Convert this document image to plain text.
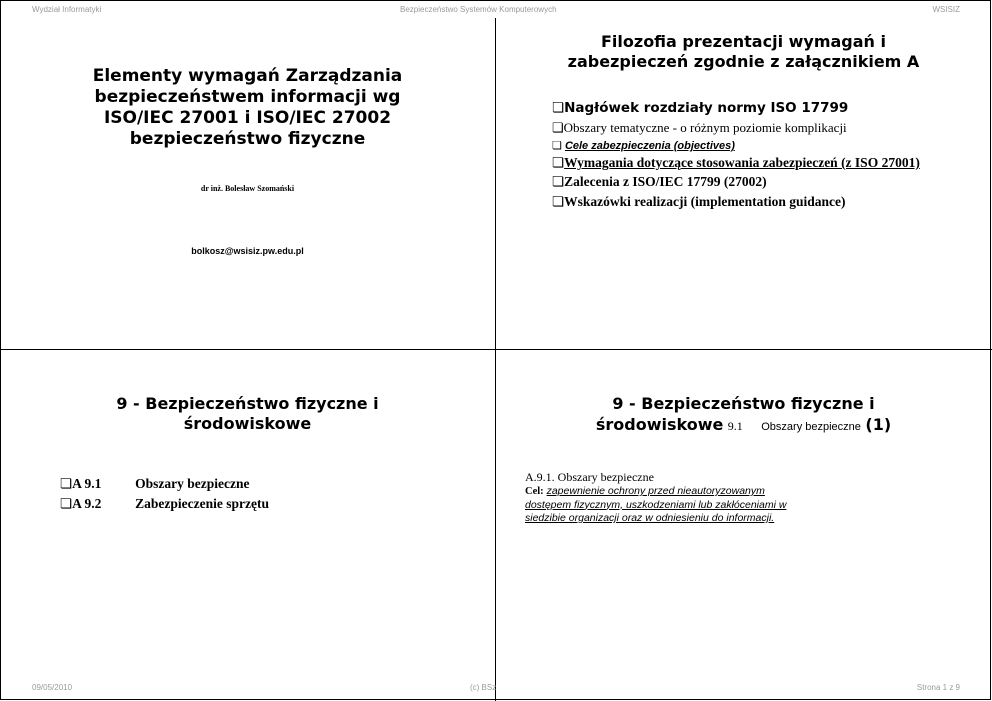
Wydział Informatyki	Bezpieczeństwo Systemów Komputerowych	WSISIZ
09/05/2010	(c) BSz	Strona 1 z 9
Elementy wymagań Zarządzania bezpieczeństwem informacji wg ISO/IEC 27001 i ISO/IEC 27002 bezpieczeństwo fizyczne
dr inż. Bolesław Szomański
bolkosz@wsisiz.pw.edu.pl
Filozofia prezentacji wymagań i zabezpieczeń zgodnie z załącznikiem A
❏ Nagłówek rozdziały normy ISO 17799
❏ Obszary tematyczne - o różnym poziomie komplikacji
❏ Cele zabezpieczenia (objectives)
❏ Wymagania dotyczące stosowania zabezpieczeń (z ISO 27001)
❏ Zalecenia z ISO/IEC 17799 (27002)
❏ Wskazówki realizacji (implementation guidance)
9 - Bezpieczeństwo fizyczne i środowiskowe
❏ A 9.1 Obszary bezpieczne
❏ A 9.2 Zabezpieczenie sprzętu
9 - Bezpieczeństwo fizyczne i środowiskowe 9.1 Obszary bezpieczne (1)
A.9.1. Obszary bezpieczne
Cel: zapewnienie ochrony przed nieautoryzowanym dostępem fizycznym, uszkodzeniami lub zakłóceniami w siedzibie organizacji oraz w odniesieniu do informacji.
